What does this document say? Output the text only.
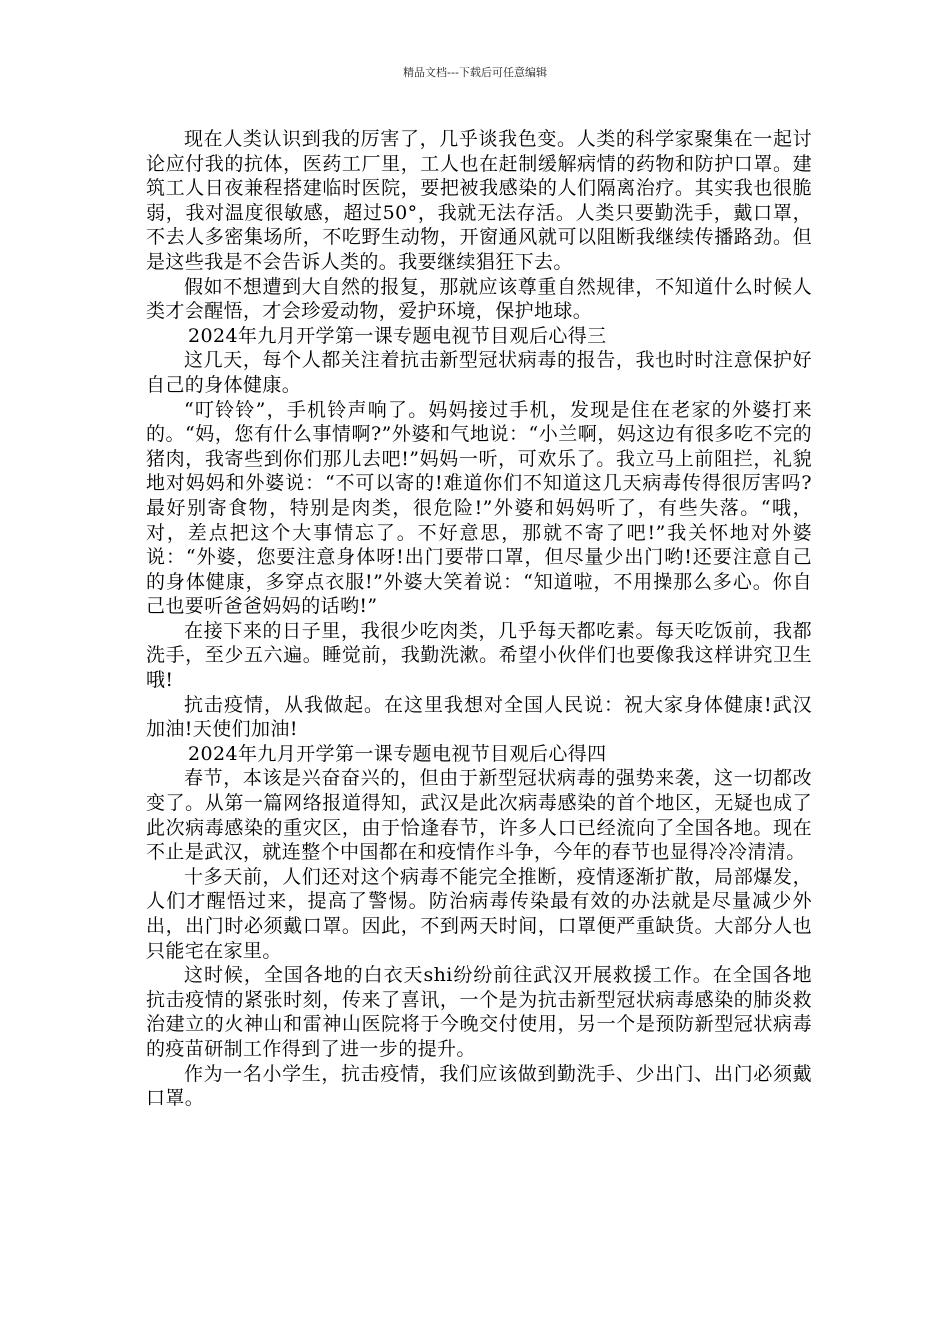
精品文档---下载后可任意编辑

现在人类认识到我的厉害了，几乎谈我色变。人类的科学家聚集在一起讨论应付我的抗体，医药工厂里，工人也在赶制缓解病情的药物和防护口罩。建筑工人日夜兼程搭建临时医院，要把被我感染的人们隔离治疗。其实我也很脆弱，我对温度很敏感，超过50°，我就无法存活。人类只要勤洗手，戴口罩，不去人多密集场所，不吃野生动物，开窗通风就可以阻断我继续传播路劲。但是这些我是不会告诉人类的。我要继续猖狂下去。

假如不想遭到大自然的报复，那就应该尊重自然规律，不知道什么时候人类才会醒悟，才会珍爱动物，爱护环境，保护地球。

2024年九月开学第一课专题电视节目观后心得三

这几天，每个人都关注着抗击新型冠状病毒的报告，我也时时注意保护好自己的身体健康。

“叮铃铃”，手机铃声响了。妈妈接过手机，发现是住在老家的外婆打来的。“妈，您有什么事情啊?”外婆和气地说：“小兰啊，妈这边有很多吃不完的猪肉，我寄些到你们那儿去吧!”妈妈一听，可欢乐了。我立马上前阻拦，礼貌地对妈妈和外婆说：“不可以寄的!难道你们不知道这几天病毒传得很厉害吗?最好别寄食物，特别是肉类，很危险!”外婆和妈妈听了，有些失落。“哦，对，差点把这个大事情忘了。不好意思，那就不寄了吧!”我关怀地对外婆说：“外婆，您要注意身体呀!出门要带口罩，但尽量少出门哟!还要注意自己的身体健康，多穿点衣服!”外婆大笑着说：“知道啦，不用操那么多心。你自己也要听爸爸妈妈的话哟!”

在接下来的日子里，我很少吃肉类，几乎每天都吃素。每天吃饭前，我都洗手，至少五六遍。睡觉前，我勤洗漱。希望小伙伴们也要像我这样讲究卫生哦!

抗击疫情，从我做起。在这里我想对全国人民说：祝大家身体健康!武汉加油!天使们加油!

2024年九月开学第一课专题电视节目观后心得四

春节，本该是兴奋奋兴的，但由于新型冠状病毒的强势来袭，这一切都改变了。从第一篇网络报道得知，武汉是此次病毒感染的首个地区，无疑也成了此次病毒感染的重灾区，由于恰逢春节，许多人口已经流向了全国各地。现在不止是武汉，就连整个中国都在和疫情作斗争，今年的春节也显得冷冷清清。

十多天前，人们还对这个病毒不能完全推断，疫情逐渐扩散，局部爆发，人们才醒悟过来，提高了警惕。防治病毒传染最有效的办法就是尽量减少外出，出门时必须戴口罩。因此，不到两天时间，口罩便严重缺货。大部分人也只能宅在家里。

这时候，全国各地的白衣天shi纷纷前往武汉开展救援工作。在全国各地抗击疫情的紧张时刻，传来了喜讯，一个是为抗击新型冠状病毒感染的肺炎救治建立的火神山和雷神山医院将于今晚交付使用，另一个是预防新型冠状病毒的疫苗研制工作得到了进一步的提升。

作为一名小学生，抗击疫情，我们应该做到勤洗手、少出门、出门必须戴口罩。
